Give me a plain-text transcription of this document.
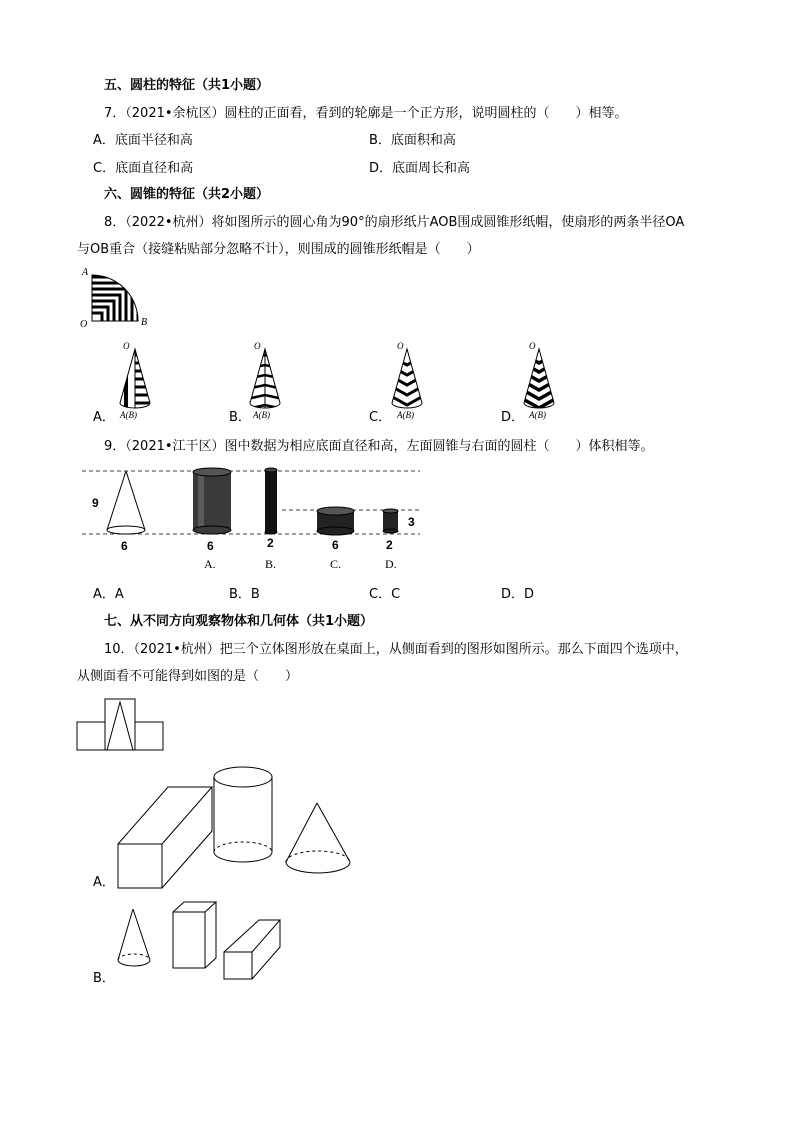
五、圆柱的特征（共1小题）
7．（2021•余杭区）圆柱的正面看，看到的轮廓是一个正方形，说明圆柱的（　　）相等。
A．底面半径和高	B．底面积和高
C．底面直径和高	D．底面周长和高
六、圆锥的特征（共2小题）
8．（2022•杭州）将如图所示的圆心角为90°的扇形纸片AOB围成圆锥形纸帽，使扇形的两条半径OA
与OB重合（接缝粘贴部分忽略不计），则围成的圆锥形纸帽是（　　）
A
O	B
O
A(B)
O
A(B)
O
A(B)
O
A(B)
A．	B．	C．	D．
9．（2021•江干区）图中数据为相应底面直径和高，左面圆锥与右面的圆柱（　　）体积相等。
9
6	6
A.
2
B.
6
C.
3
2
D.
A．A	B．B	C．C	D．D
七、从不同方向观察物体和几何体（共1小题）
10．（2021•杭州）把三个立体图形放在桌面上，从侧面看到的图形如图所示。那么下面四个选项中，
从侧面看不可能得到如图的是（　　）
A．
B．
